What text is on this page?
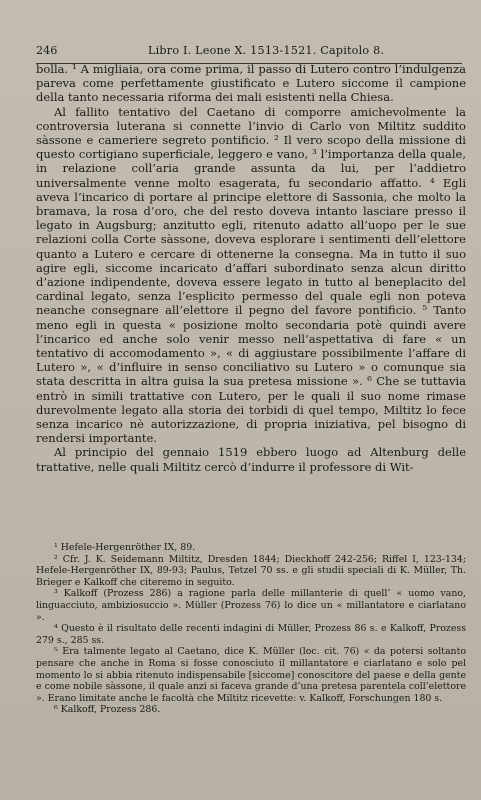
246	Libro I. Leone X. 1513-1521. Capitolo 8.

bolla. ¹ A migliaia, ora come prima, il passo di Lutero contro l’indulgenza pareva come perfettamente giustificato e Lutero siccome il campione della tanto necessaria riforma dei mali esistenti nella Chiesa.

Al fallito tentativo del Caetano di comporre amichevolmente la controversia luterana si connette l’invio di Carlo von Miltitz suddito sàssone e cameriere segreto pontificio. ² Il vero scopo della missione di questo cortigiano superficiale, leggero e vano, ³ l’importanza della quale, in relazione coll’aria grande assunta da lui, per l’addietro universalmente venne molto esagerata, fu secondario affatto. ⁴ Egli aveva l’incarico di portare al principe elettore di Sassonia, che molto la bramava, la rosa d’oro, che del resto doveva intanto lasciare presso il legato in Augsburg; anzitutto egli, ritenuto adatto all’uopo per le sue relazioni colla Corte sàssone, doveva esplorare i sentimenti dell’elettore quanto a Lutero e cercare di ottenerne la consegna. Ma in tutto il suo agire egli, siccome incaricato d’affari subordinato senza alcun diritto d’azione indipendente, doveva essere legato in tutto al beneplacito del cardinal legato, senza l’esplicito permesso del quale egli non poteva neanche consegnare all’elettore il pegno del favore pontificio. ⁵ Tanto meno egli in questa « posizione molto secondaria potè quindi avere l’incarico ed anche solo venir messo nell’aspettativa di fare « un tentativo di accomodamento », « di aggiustare possibilmente l’affare di Lutero », « d’influire in senso conciliativo su Lutero » o comunque sia stata descritta in altra guisa la sua pretesa missione ». ⁶ Che se tuttavia entrò in simili trattative con Lutero, per le quali il suo nome rimase durevolmente legato alla storia dei torbidi di quel tempo, Miltitz lo fece senza incarico nè autorizzazione, di propria iniziativa, pel bisogno di rendersi importante.

Al principio del gennaio 1519 ebbero luogo ad Altenburg delle trattative, nelle quali Miltitz cercò d’indurre il professore di Wit-

¹ Hefele-Hergenröther IX, 89.

² Cfr. J. K. Seidemann Miltitz, Dresden 1844; Dieckhoff 242-256; Riffel I, 123-134; Hefele-Hergenröther IX, 89-93; Paulus, Tetzel 70 ss. e gli studii speciali di K. Müller, Th. Brieger e Kalkoff che citeremo in seguito.

³ Kalkoff (Prozess 286) a ragione parla delle millanterie di quell’ « uomo vano, linguacciuto, ambiziosuccio ». Müller (Prozess 76) lo dice un « millantatore e ciarlatano ».

⁴ Questo è il risultato delle recenti indagini di Müller, Prozess 86 s. e Kalkoff, Prozess 279 s., 285 ss.

⁵ Era talmente legato al Caetano, dice K. Müller (loc. cit. 76) « da potersi soltanto pensare che anche in Roma si fosse conosciuto il millantatore e ciarlatano e solo pel momento lo si abbia ritenuto indispensabile [siccome] conoscitore del paese e della gente e come nobile sàssone, il quale anzi si faceva grande d’una pretesa parentela coll’elettore ». Erano limitate anche le facoltà che Miltitz ricevette: v. Kalkoff, Forschungen 180 s.

⁶ Kalkoff, Prozess 286.
